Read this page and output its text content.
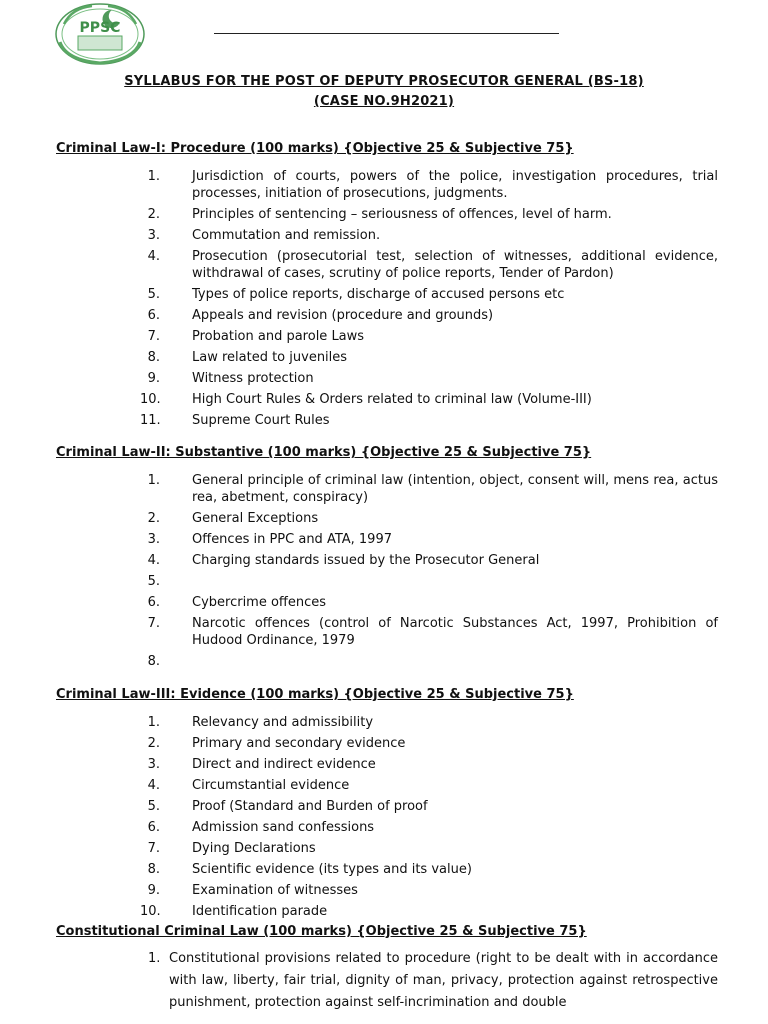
PPSC
SYLLABUS FOR THE POST OF DEPUTY PROSECUTOR GENERAL (BS-18)
(CASE NO.9H2021)
Criminal Law-I: Procedure (100 marks) {Objective 25 & Subjective 75}
1. Jurisdiction of courts, powers of the police, investigation procedures, trial processes, initiation of prosecutions, judgments.
2. Principles of sentencing – seriousness of offences, level of harm.
3. Commutation and remission.
4. Prosecution (prosecutorial test, selection of witnesses, additional evidence, withdrawal of cases, scrutiny of police reports, Tender of Pardon)
5. Types of police reports, discharge of accused persons etc
6. Appeals and revision (procedure and grounds)
7. Probation and parole Laws
8. Law related to juveniles
9. Witness protection
10. High Court Rules & Orders related to criminal law (Volume-III)
11. Supreme Court Rules
Criminal Law-II: Substantive (100 marks) {Objective 25 & Subjective 75}
1. General principle of criminal law (intention, object, consent will, mens rea, actus rea, abetment, conspiracy)
2. General Exceptions
3. Offences in PPC and ATA, 1997
4. Charging standards issued by the Prosecutor General
5.
6. Cybercrime offences
7. Narcotic offences (control of Narcotic Substances Act, 1997, Prohibition of Hudood Ordinance, 1979
8.
Criminal Law-III: Evidence (100 marks) {Objective 25 & Subjective 75}
1. Relevancy and admissibility
2. Primary and secondary evidence
3. Direct and indirect evidence
4. Circumstantial evidence
5. Proof (Standard and Burden of proof
6. Admission sand confessions
7. Dying Declarations
8. Scientific evidence (its types and its value)
9. Examination of witnesses
10. Identification parade
Constitutional Criminal Law (100 marks) {Objective 25 & Subjective 75}
1. Constitutional provisions related to procedure (right to be dealt with in accordance with law, liberty, fair trial, dignity of man, privacy, protection against retrospective punishment, protection against self-incrimination and double
